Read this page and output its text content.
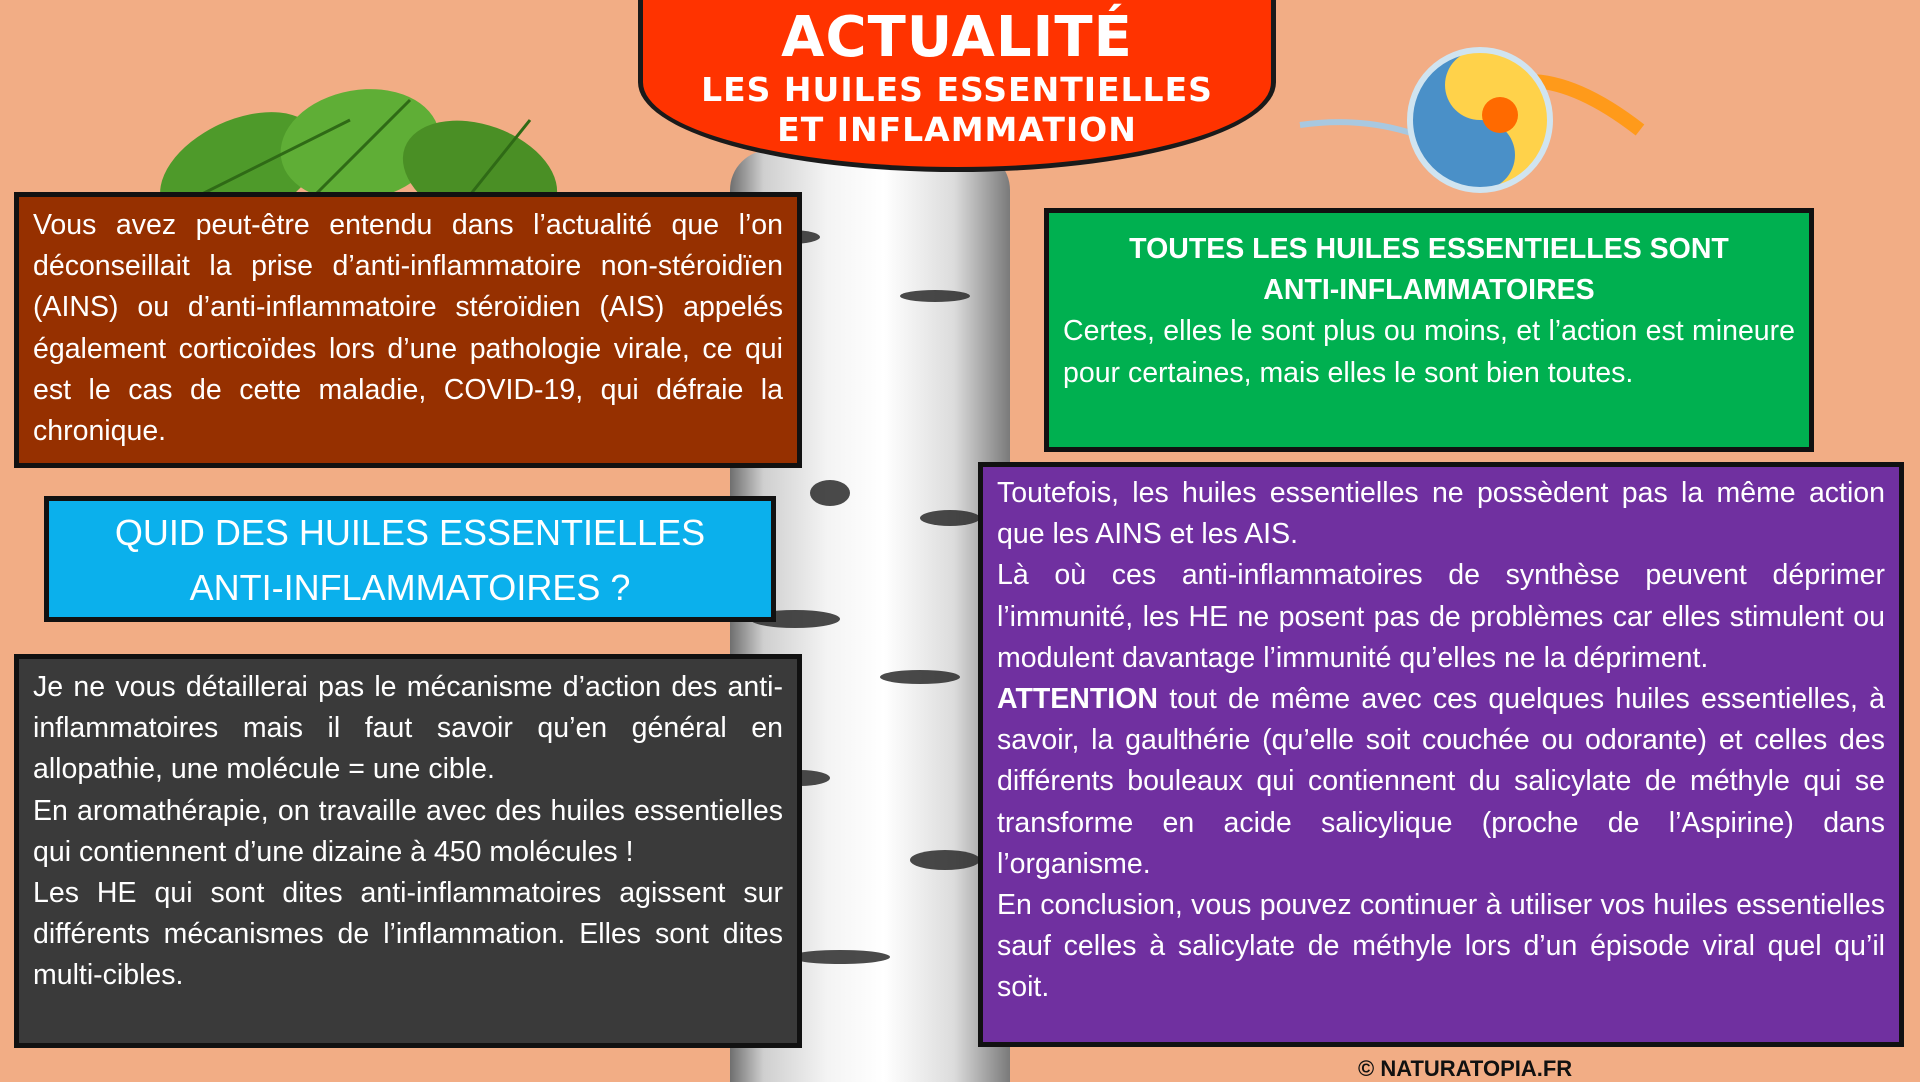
ACTUALITÉ
LES HUILES ESSENTIELLES
ET INFLAMMATION

Vous avez peut-être entendu dans l’actualité que l’on déconseillait la prise d’anti-inflammatoire non-stéroidïen (AINS) ou d’anti-inflammatoire stéroïdien (AIS) appelés également corticoïdes lors d’une pathologie virale, ce qui est le cas de cette maladie, COVID-19, qui défraie la chronique.

TOUTES LES HUILES ESSENTIELLES SONT
ANTI-INFLAMMATOIRES

Certes, elles le sont plus ou moins, et l’action est mineure pour certaines, mais elles le sont bien toutes.

QUID DES HUILES ESSENTIELLES
ANTI-INFLAMMATOIRES ?

Je ne vous détaillerai pas le mécanisme d’action des anti-inflammatoires mais il faut savoir qu’en général en allopathie, une molécule = une cible.

En aromathérapie, on travaille avec des huiles essentielles qui contiennent d’une dizaine à 450 molécules !

Les HE qui sont dites anti-inflammatoires agissent sur différents mécanismes de l’inflammation. Elles sont dites multi-cibles.

Toutefois, les huiles essentielles ne possèdent pas la même action que les AINS et les AIS.

Là où ces anti-inflammatoires de synthèse peuvent déprimer l’immunité, les HE ne posent pas de problèmes car elles stimulent ou modulent davantage l’immunité qu’elles ne la dépriment.

ATTENTION tout de même avec ces quelques huiles essentielles, à savoir, la gaulthérie (qu’elle soit couchée ou odorante) et celles des différents bouleaux qui contiennent du salicylate de méthyle qui se transforme en acide salicylique (proche de l’Aspirine) dans l’organisme.

En conclusion, vous pouvez continuer à utiliser vos huiles essentielles sauf celles à salicylate de méthyle lors d’un épisode viral quel qu’il soit.

© NATURATOPIA.FR
